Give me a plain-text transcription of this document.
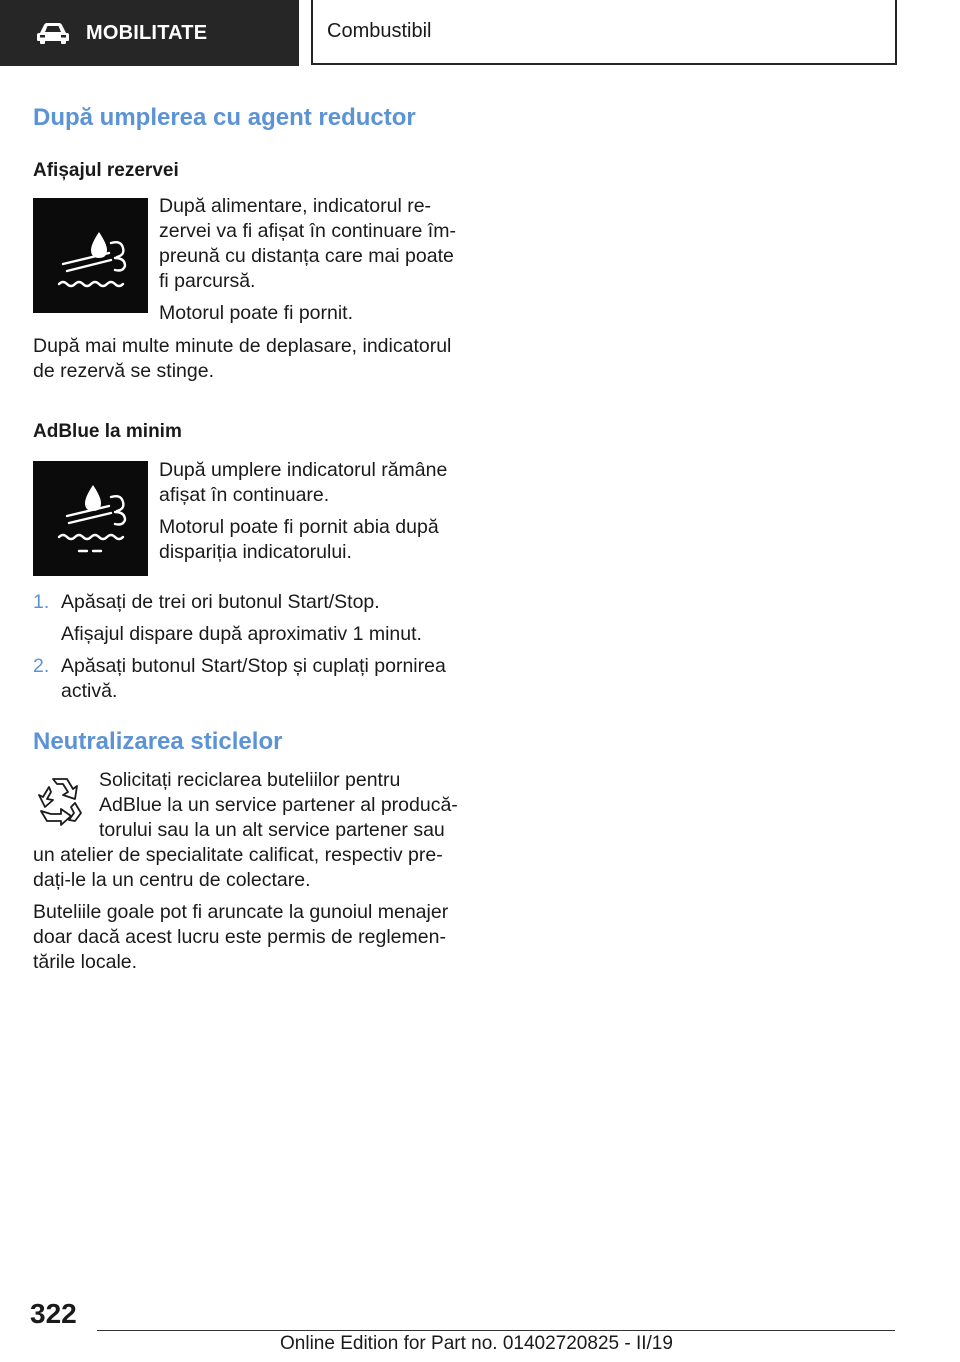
MOBILITATE	Combustibil
După umplerea cu agent reductor
Afișajul rezervei

După alimentare, indicatorul re-

zervei va fi afișat în continuare îm-

preună cu distanța care mai poate

fi parcursă.

Motorul poate fi pornit.

După mai multe minute de deplasare, indicatorul

de rezervă se stinge.

AdBlue la minim

După umplere indicatorul rămâne

afișat în continuare.

Motorul poate fi pornit abia după

dispariția indicatorului.

1. Apăsați de trei ori butonul Start/Stop.

Afișajul dispare după aproximativ 1 minut.

2. Apăsați butonul Start/Stop și cuplați pornirea

activă.

Neutralizarea sticlelor

Solicitați reciclarea buteliilor pentru

AdBlue la un service partener al producă-

torului sau la un alt service partener sau

un atelier de specialitate calificat, respectiv pre-

dați-le la un centru de colectare.

Buteliile goale pot fi aruncate la gunoiul menajer

doar dacă acest lucru este permis de reglemen-

tările locale.

322
Online Edition for Part no. 01402720825 - II/19
